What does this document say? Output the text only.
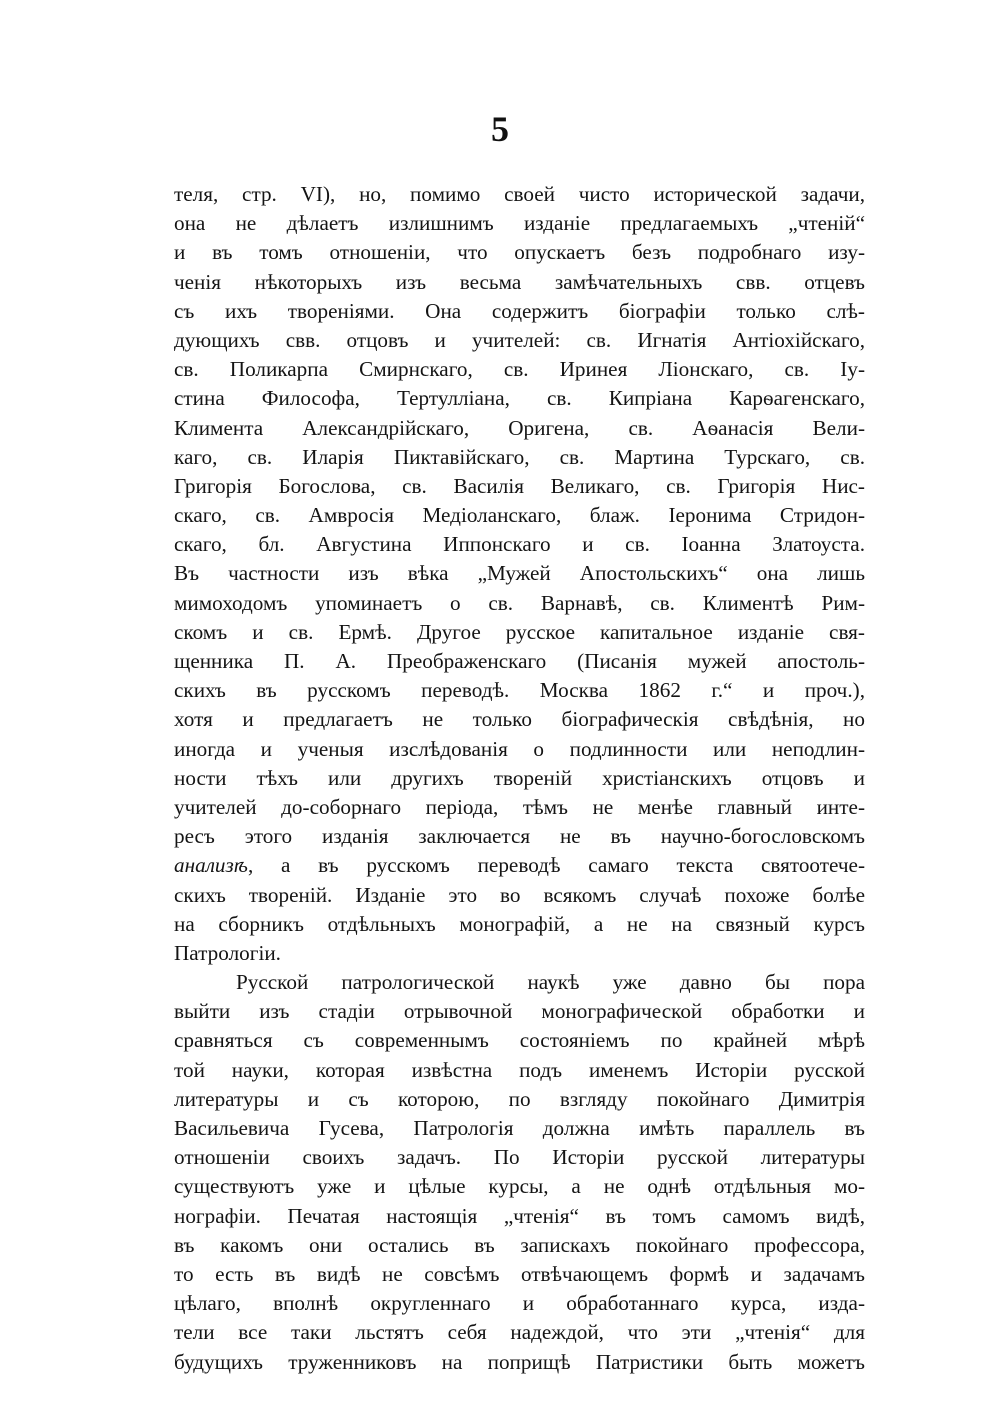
5
теля, стр. VI), но, помимо своей чисто исторической задачи,
она не дѣлаетъ излишнимъ изданіе предлагаемыхъ „чтеній“
и въ томъ отношеніи, что опускаетъ безъ подробнаго изу-
ченія нѣкоторыхъ изъ весьма замѣчательныхъ свв. отцевъ
съ ихъ твореніями. Она содержитъ біографіи только слѣ-
дующихъ свв. отцовъ и учителей: св. Игнатія Антіохійскаго,
св. Поликарпа Смирнскаго, св. Иринея Ліонскаго, св. Іу-
стина Философа, Тертулліана, св. Кипріана Карѳагенскаго,
Климента Александрійскаго, Оригена, св. Аѳанасія Вели-
каго, св. Иларія Пиктавійскаго, св. Мартина Турскаго, св.
Григорія Богослова, св. Василія Великаго, св. Григорія Нис-
скаго, св. Амвросія Медіоланскаго, блаж. Іеронима Стридон-
скаго, бл. Августина Иппонскаго и св. Іоанна Златоуста.
Въ частности изъ вѣка „Мужей Апостольскихъ“ она лишь
мимоходомъ упоминаетъ о св. Варнавѣ, св. Климентѣ Рим-
скомъ и св. Ермѣ. Другое русское капитальное изданіе свя-
щенника П. А. Преображенскаго (Писанія мужей апостоль-
скихъ въ русскомъ переводѣ. Москва 1862 г.“ и проч.),
хотя и предлагаетъ не только біографическія свѣдѣнія, но
иногда и ученыя изслѣдованія о подлинности или неподлин-
ности тѣхъ или другихъ твореній христіанскихъ отцовъ и
учителей до-соборнаго періода, тѣмъ не менѣе главный инте-
ресъ этого изданія заключается не въ научно-богословскомъ
анализѣ, а въ русскомъ переводѣ самаго текста святоотече-
скихъ твореній. Изданіе это во всякомъ случаѣ похоже болѣе
на сборникъ отдѣльныхъ монографій, а не на связный курсъ
Патрологіи.
Русской патрологической наукѣ уже давно бы пора
выйти изъ стадіи отрывочной монографической обработки и
сравняться съ современнымъ состояніемъ по крайней мѣрѣ
той науки, которая извѣстна подъ именемъ Исторіи русской
литературы и съ которою, по взгляду покойнаго Димитрія
Васильевича Гусева, Патрологія должна имѣть параллель въ
отношеніи своихъ задачъ. По Исторіи русской литературы
существуютъ уже и цѣлые курсы, а не однѣ отдѣльныя мо-
нографіи. Печатая настоящія „чтенія“ въ томъ самомъ видѣ,
въ какомъ они остались въ запискахъ покойнаго профессора,
то есть въ видѣ не совсѣмъ отвѣчающемъ формѣ и задачамъ
цѣлаго, вполнѣ округленнаго и обработаннаго курса, изда-
тели все таки льстятъ себя надеждой, что эти „чтенія“ для
будущихъ труженниковъ на поприщѣ Патристики быть можетъ
